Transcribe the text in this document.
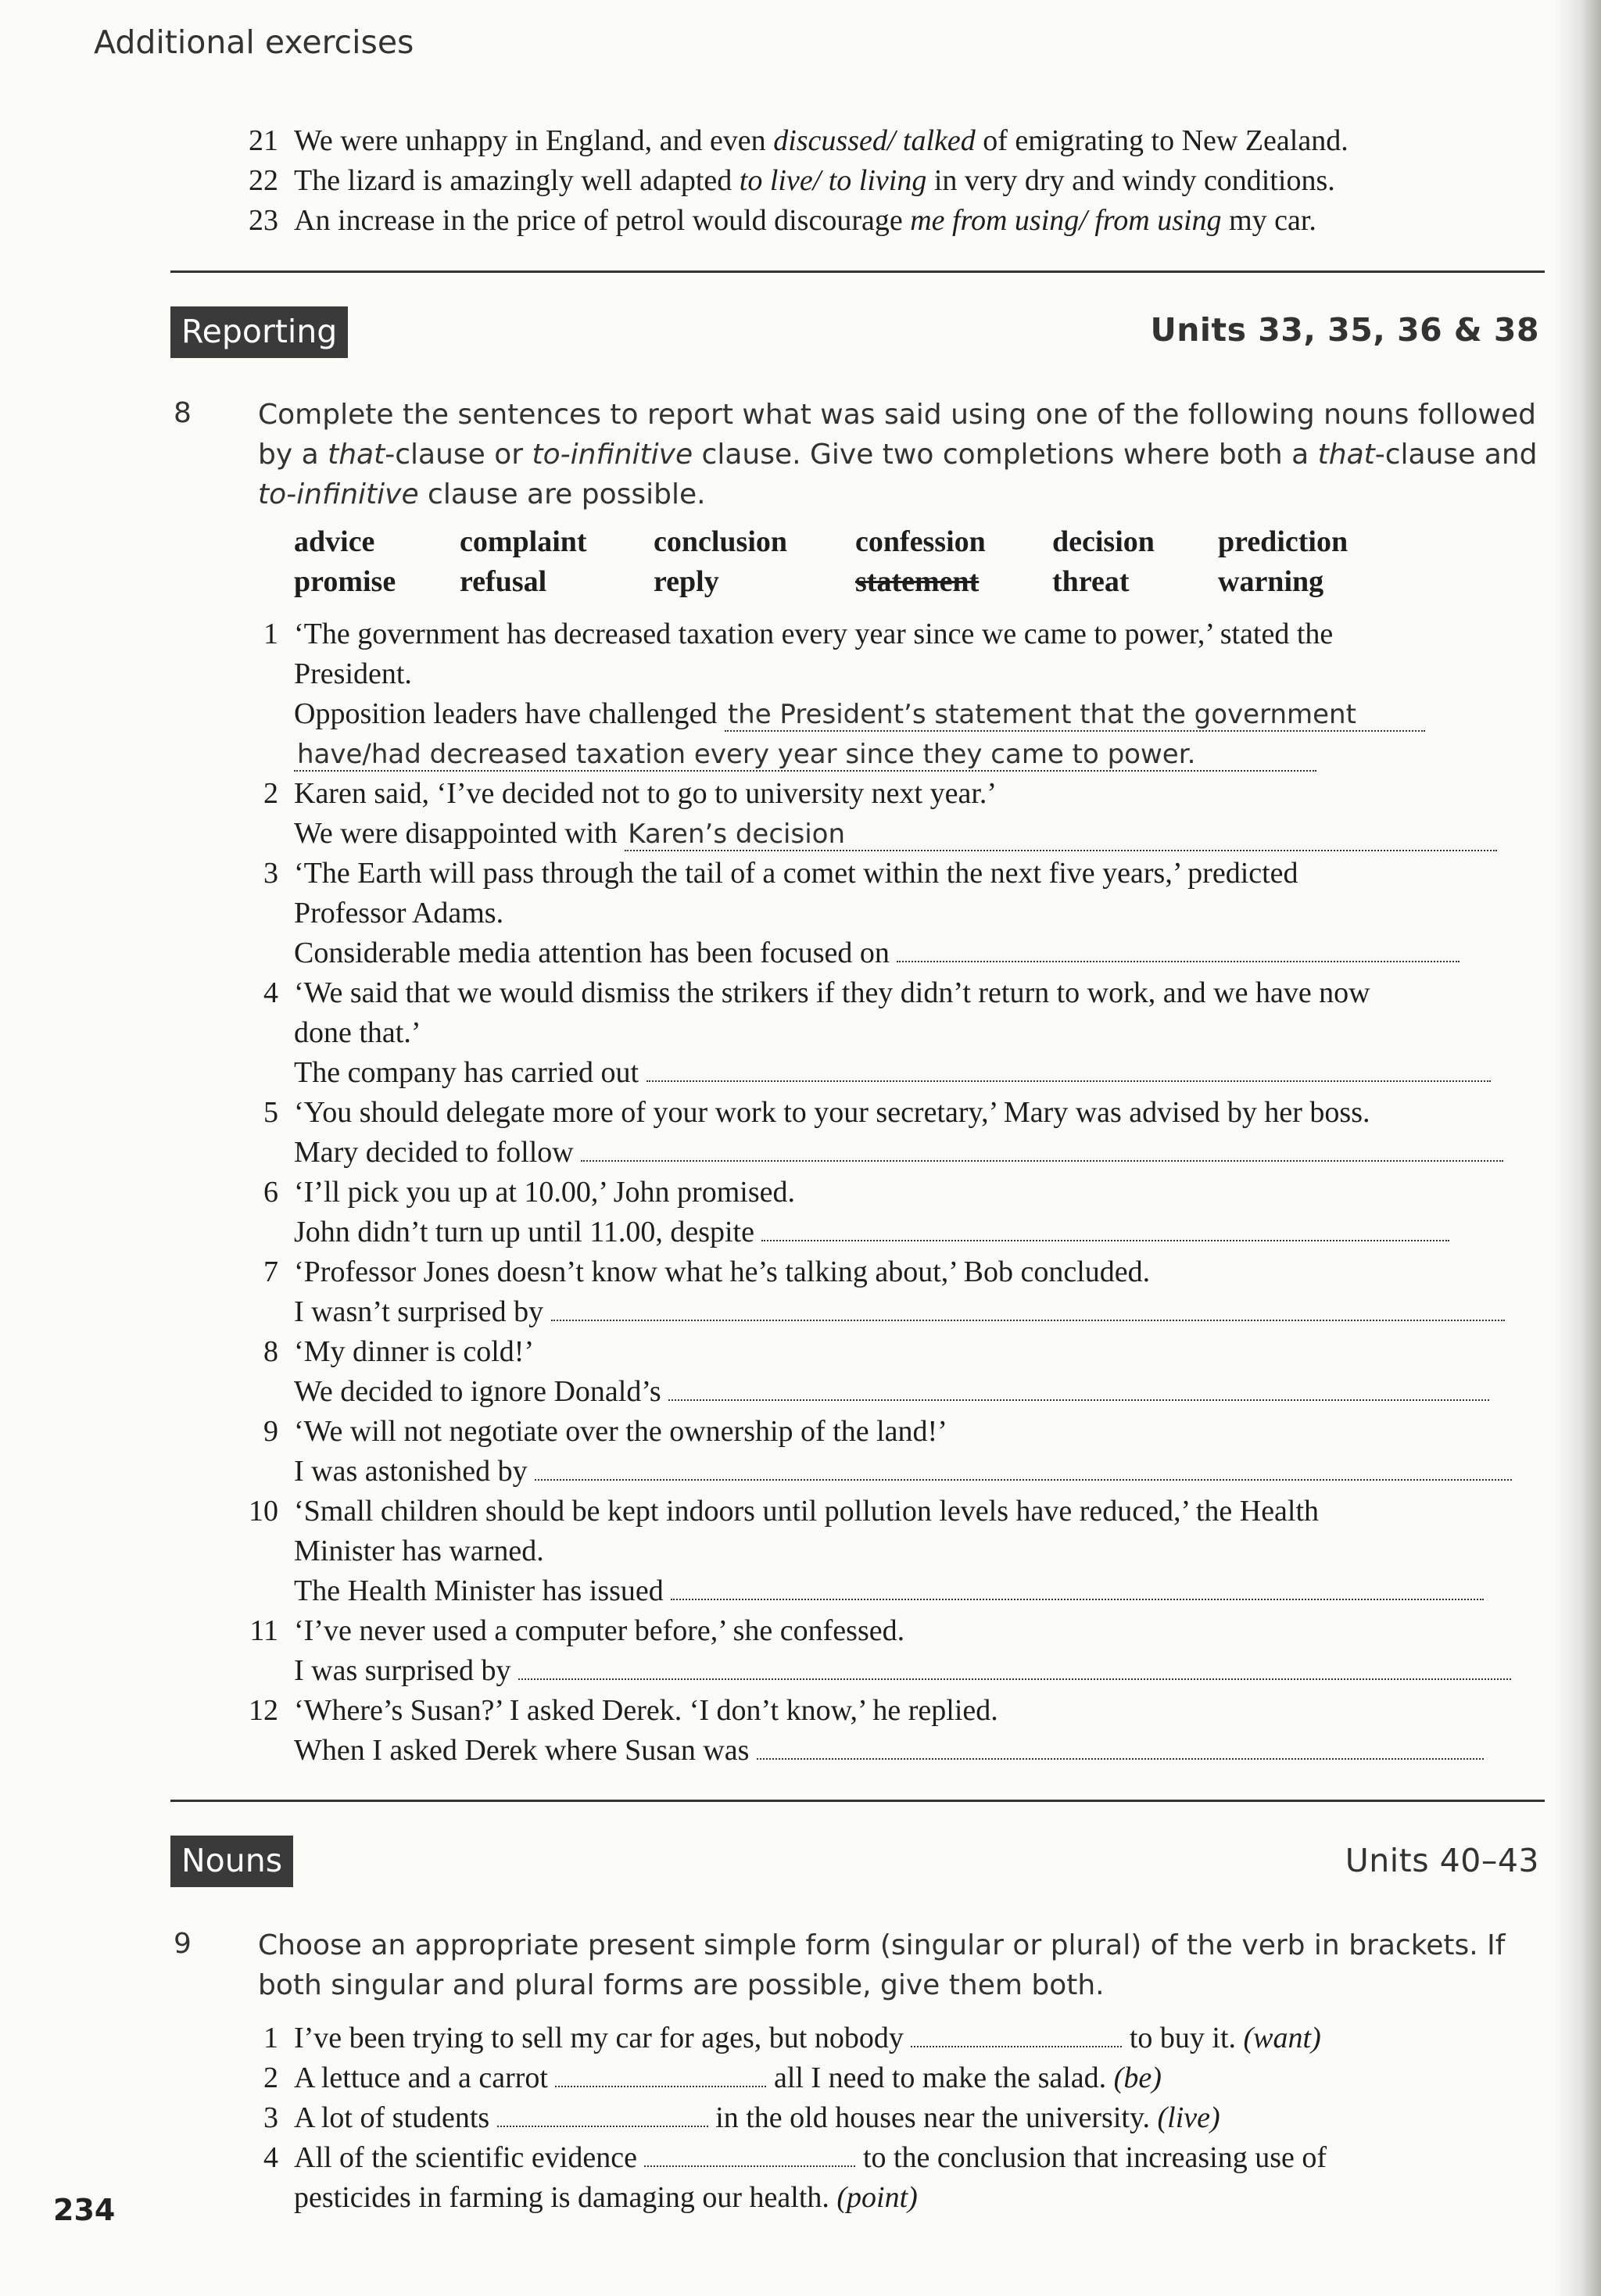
Additional exercises
21 We were unhappy in England, and even discussed/ talked of emigrating to New Zealand.
22 The lizard is amazingly well adapted to live/ to living in very dry and windy conditions.
23 An increase in the price of petrol would discourage me from using/ from using my car.
Reporting	Units 33, 35, 36 & 38
8 Complete the sentences to report what was said using one of the following nouns followed by a that-clause or to-infinitive clause. Give two completions where both a that-clause and to-infinitive clause are possible.
advice	complaint	conclusion	confession	decision	prediction
promise	refusal	reply	statement	threat	warning
1 ‘The government has decreased taxation every year since we came to power,’ stated the
President.
Opposition leaders have challenged the President’s statement that the government
have/had decreased taxation every year since they came to power.
2 Karen said, ‘I’ve decided not to go to university next year.’
We were disappointed with Karen’s decision
3 ‘The Earth will pass through the tail of a comet within the next five years,’ predicted
Professor Adams.
Considerable media attention has been focused on
4 ‘We said that we would dismiss the strikers if they didn’t return to work, and we have now
done that.’
The company has carried out
5 ‘You should delegate more of your work to your secretary,’ Mary was advised by her boss.
Mary decided to follow
6 ‘I’ll pick you up at 10.00,’ John promised.
John didn’t turn up until 11.00, despite
7 ‘Professor Jones doesn’t know what he’s talking about,’ Bob concluded.
I wasn’t surprised by
8 ‘My dinner is cold!’
We decided to ignore Donald’s
9 ‘We will not negotiate over the ownership of the land!’
I was astonished by
10 ‘Small children should be kept indoors until pollution levels have reduced,’ the Health
Minister has warned.
The Health Minister has issued
11 ‘I’ve never used a computer before,’ she confessed.
I was surprised by
12 ‘Where’s Susan?’ I asked Derek. ‘I don’t know,’ he replied.
When I asked Derek where Susan was
Nouns	Units 40–43
9 Choose an appropriate present simple form (singular or plural) of the verb in brackets. If both singular and plural forms are possible, give them both.
1 I’ve been trying to sell my car for ages, but nobody	to buy it. (want)
2 A lettuce and a carrot	all I need to make the salad. (be)
3 A lot of students	in the old houses near the university. (live)
4 All of the scientific evidence	to the conclusion that increasing use of
pesticides in farming is damaging our health. (point)
234
